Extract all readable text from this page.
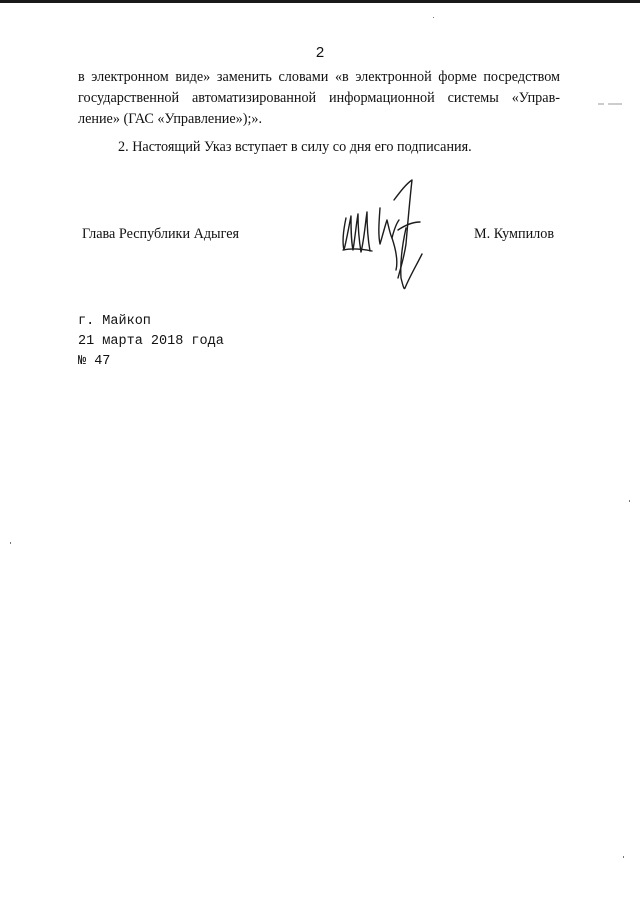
2
в электронном виде» заменить словами «в электронной форме посредством
государственной автоматизированной информационной системы «Управ-
ление» (ГАС «Управление»);».
2. Настоящий Указ вступает в силу со дня его подписания.
Глава Республики Адыгея	М. Кумпилов
г. Майкоп
21 марта 2018 года
№ 47
